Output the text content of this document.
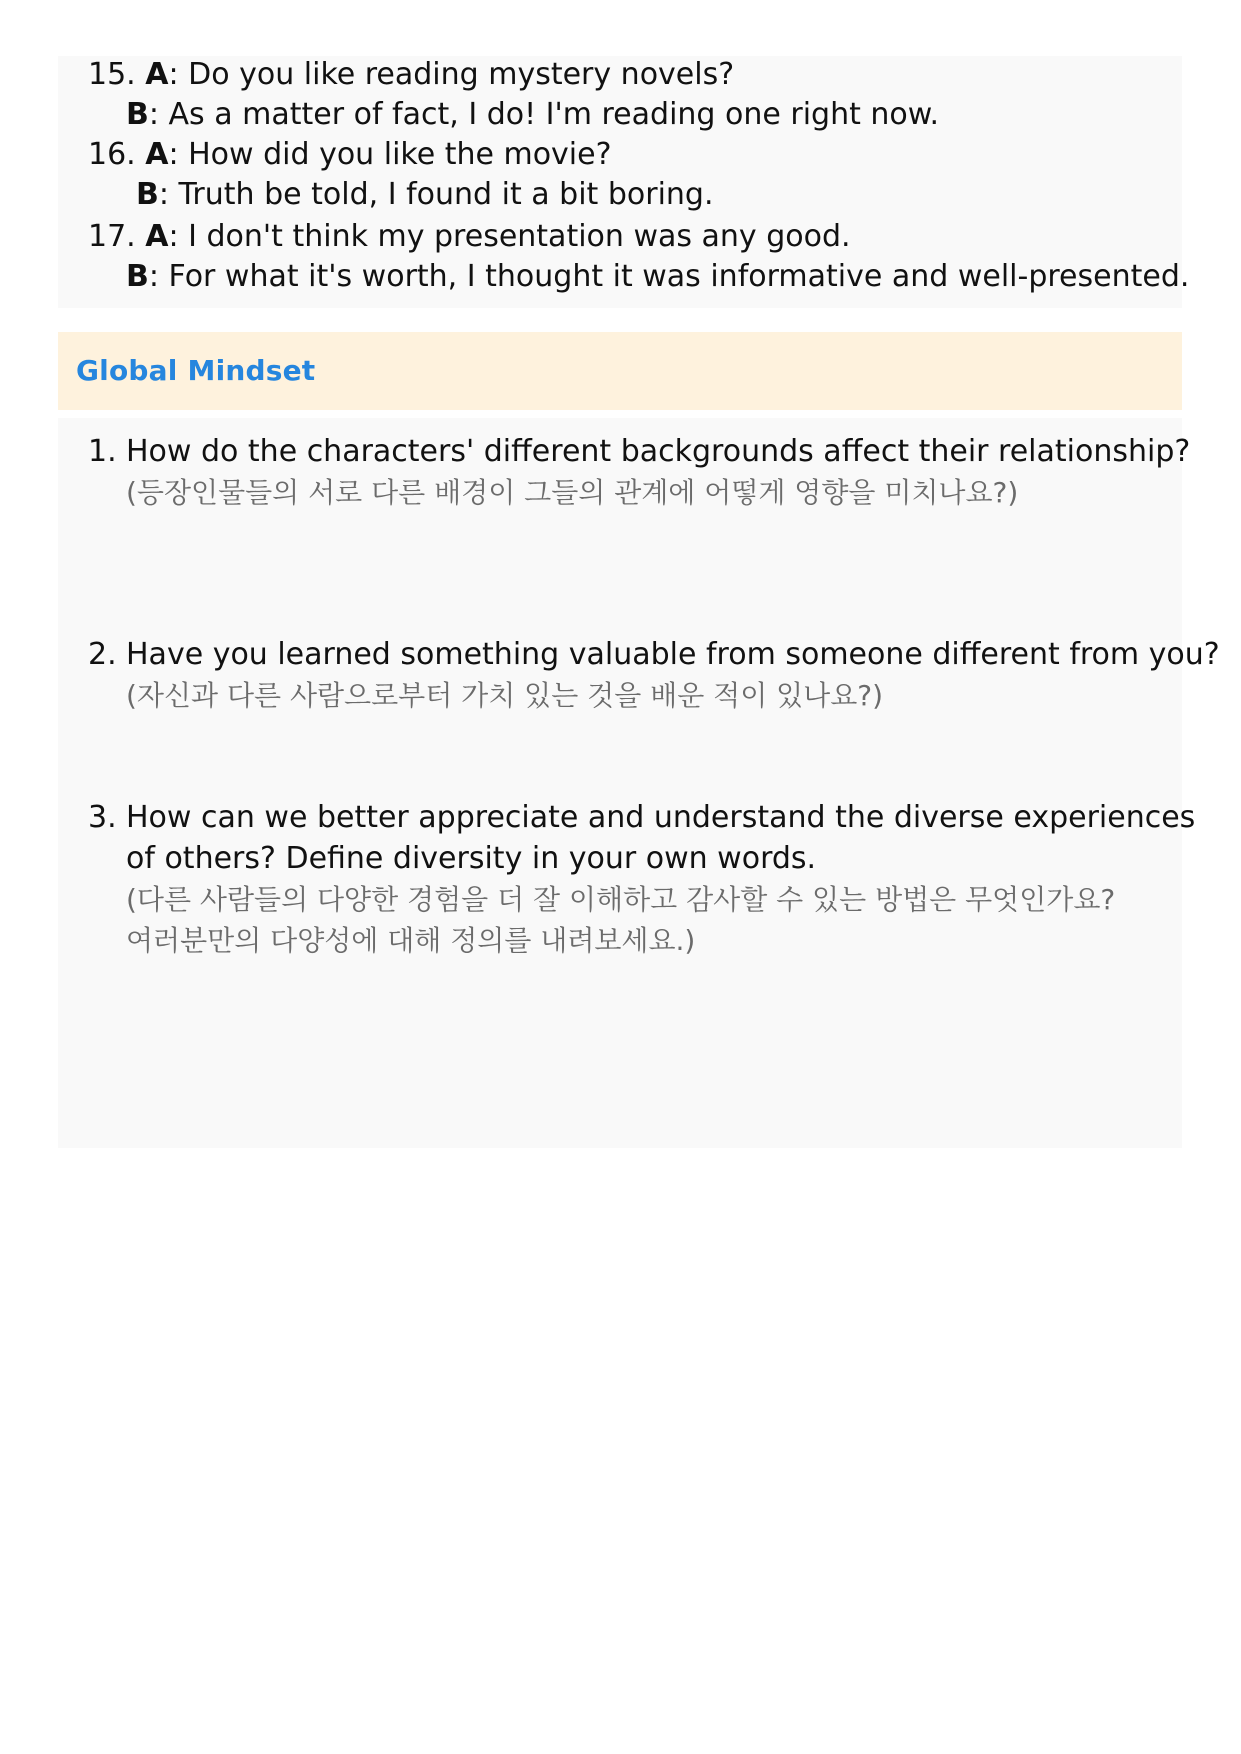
15. A: Do you like reading mystery novels?
B: As a matter of fact, I do! I'm reading one right now.
16. A: How did you like the movie?
B: Truth be told, I found it a bit boring.
17. A: I don't think my presentation was any good.
B: For what it's worth, I thought it was informative and well-presented.
Global Mindset
1. How do the characters' different backgrounds affect their relationship?
(등장인물들의 서로 다른 배경이 그들의 관계에 어떻게 영향을 미치나요?)
2. Have you learned something valuable from someone different from you?
(자신과 다른 사람으로부터 가치 있는 것을 배운 적이 있나요?)
3. How can we better appreciate and understand the diverse experiences
of others? Define diversity in your own words.
(다른 사람들의 다양한 경험을 더 잘 이해하고 감사할 수 있는 방법은 무엇인가요?
여러분만의 다양성에 대해 정의를 내려보세요.)
